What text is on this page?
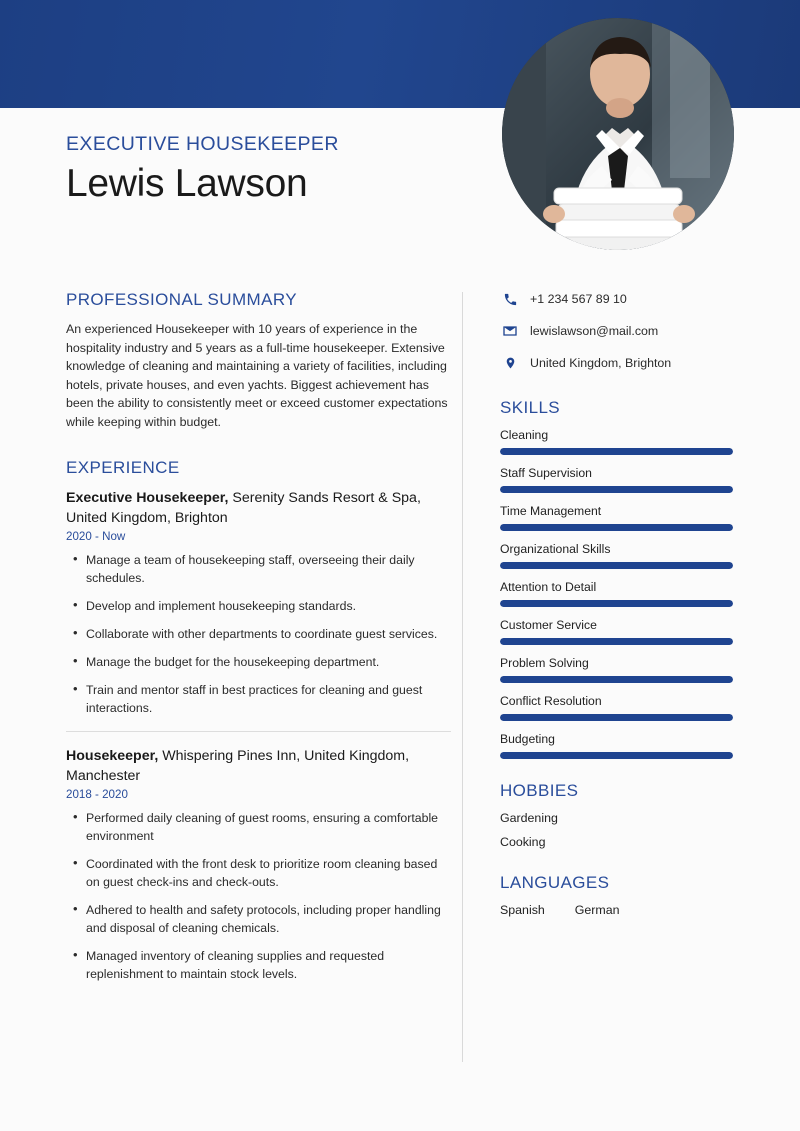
EXECUTIVE HOUSEKEEPER
Lewis Lawson
PROFESSIONAL SUMMARY

An experienced Housekeeper with 10 years of experience in the hospitality industry and 5 years as a full-time housekeeper. Extensive knowledge of cleaning and maintaining a variety of facilities, including hotels, private houses, and even yachts. Biggest achievement has been the ability to consistently meet or exceed customer expectations while keeping within budget.

EXPERIENCE

Executive Housekeeper, Serenity Sands Resort & Spa, United Kingdom, Brighton

2020 - Now

• Manage a team of housekeeping staff, overseeing their daily schedules.
• Develop and implement housekeeping standards.
• Collaborate with other departments to coordinate guest services.
• Manage the budget for the housekeeping department.
• Train and mentor staff in best practices for cleaning and guest interactions.

Housekeeper, Whispering Pines Inn, United Kingdom, Manchester

2018 - 2020

• Performed daily cleaning of guest rooms, ensuring a comfortable environment
• Coordinated with the front desk to prioritize room cleaning based on guest check-ins and check-outs.
• Adhered to health and safety protocols, including proper handling and disposal of cleaning chemicals.
• Managed inventory of cleaning supplies and requested replenishment to maintain stock levels.
+1 234 567 89 10
lewislawson@mail.com
United Kingdom, Brighton
SKILLS
Cleaning
Staff Supervision
Time Management
Organizational Skills
Attention to Detail
Customer Service
Problem Solving
Conflict Resolution
Budgeting
HOBBIES
Gardening
Cooking
LANGUAGES
Spanish German
